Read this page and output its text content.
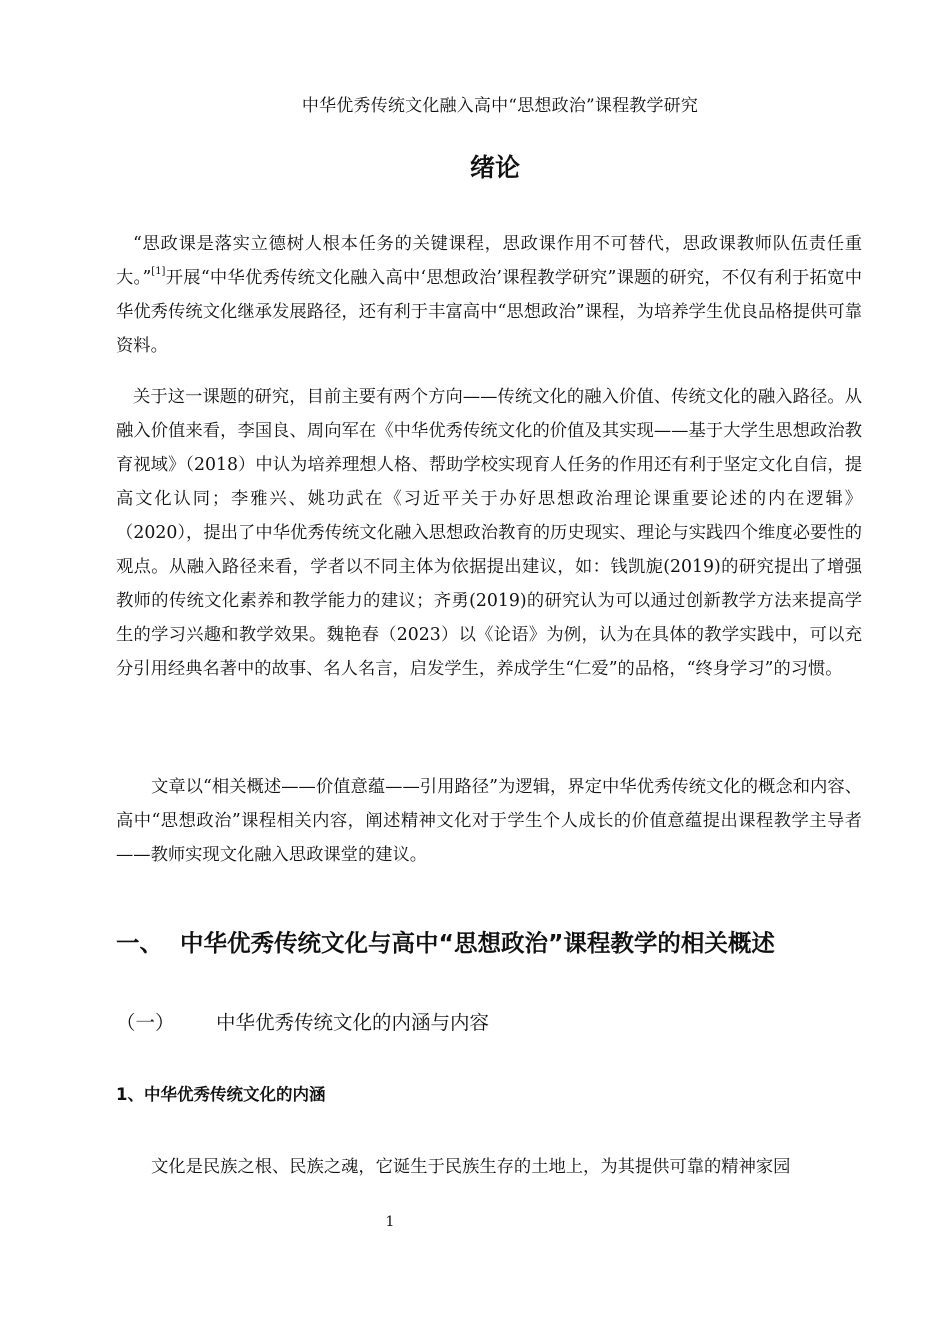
中华优秀传统文化融入高中“思想政治”课程教学研究
绪论

“思政课是落实立德树人根本任务的关键课程，思政课作用不可替代，思政课教师队伍责任重大。”[1]开展“中华优秀传统文化融入高中‘思想政治’课程教学研究”课题的研究，不仅有利于拓宽中华优秀传统文化继承发展路径，还有利于丰富高中“思想政治”课程，为培养学生优良品格提供可靠资料。

关于这一课题的研究，目前主要有两个方向——传统文化的融入价值、传统文化的融入路径。从融入价值来看，李国良、周向军在《中华优秀传统文化的价值及其实现——基于大学生思想政治教育视域》（2018）中认为培养理想人格、帮助学校实现育人任务的作用还有利于坚定文化自信，提高文化认同；李雅兴、姚功武在《习近平关于办好思想政治理论课重要论述的内在逻辑》（2020），提出了中华优秀传统文化融入思想政治教育的历史现实、理论与实践四个维度必要性的观点。从融入路径来看，学者以不同主体为依据提出建议，如：钱凯旎(2019)的研究提出了增强教师的传统文化素养和教学能力的建议；齐勇(2019)的研究认为可以通过创新教学方法来提高学生的学习兴趣和教学效果。魏艳春（2023）以《论语》为例，认为在具体的教学实践中，可以充分引用经典名著中的故事、名人名言，启发学生，养成学生“仁爱”的品格，“终身学习”的习惯。

文章以“相关概述——价值意蕴——引用路径”为逻辑，界定中华优秀传统文化的概念和内容、高中“思想政治”课程相关内容，阐述精神文化对于学生个人成长的价值意蕴提出课程教学主导者——教师实现文化融入思政课堂的建议。

一、 中华优秀传统文化与高中“思想政治”课程教学的相关概述
（一） 中华优秀传统文化的内涵与内容
1、中华优秀传统文化的内涵

文化是民族之根、民族之魂，它诞生于民族生存的土地上，为其提供可靠的精神家园

1
